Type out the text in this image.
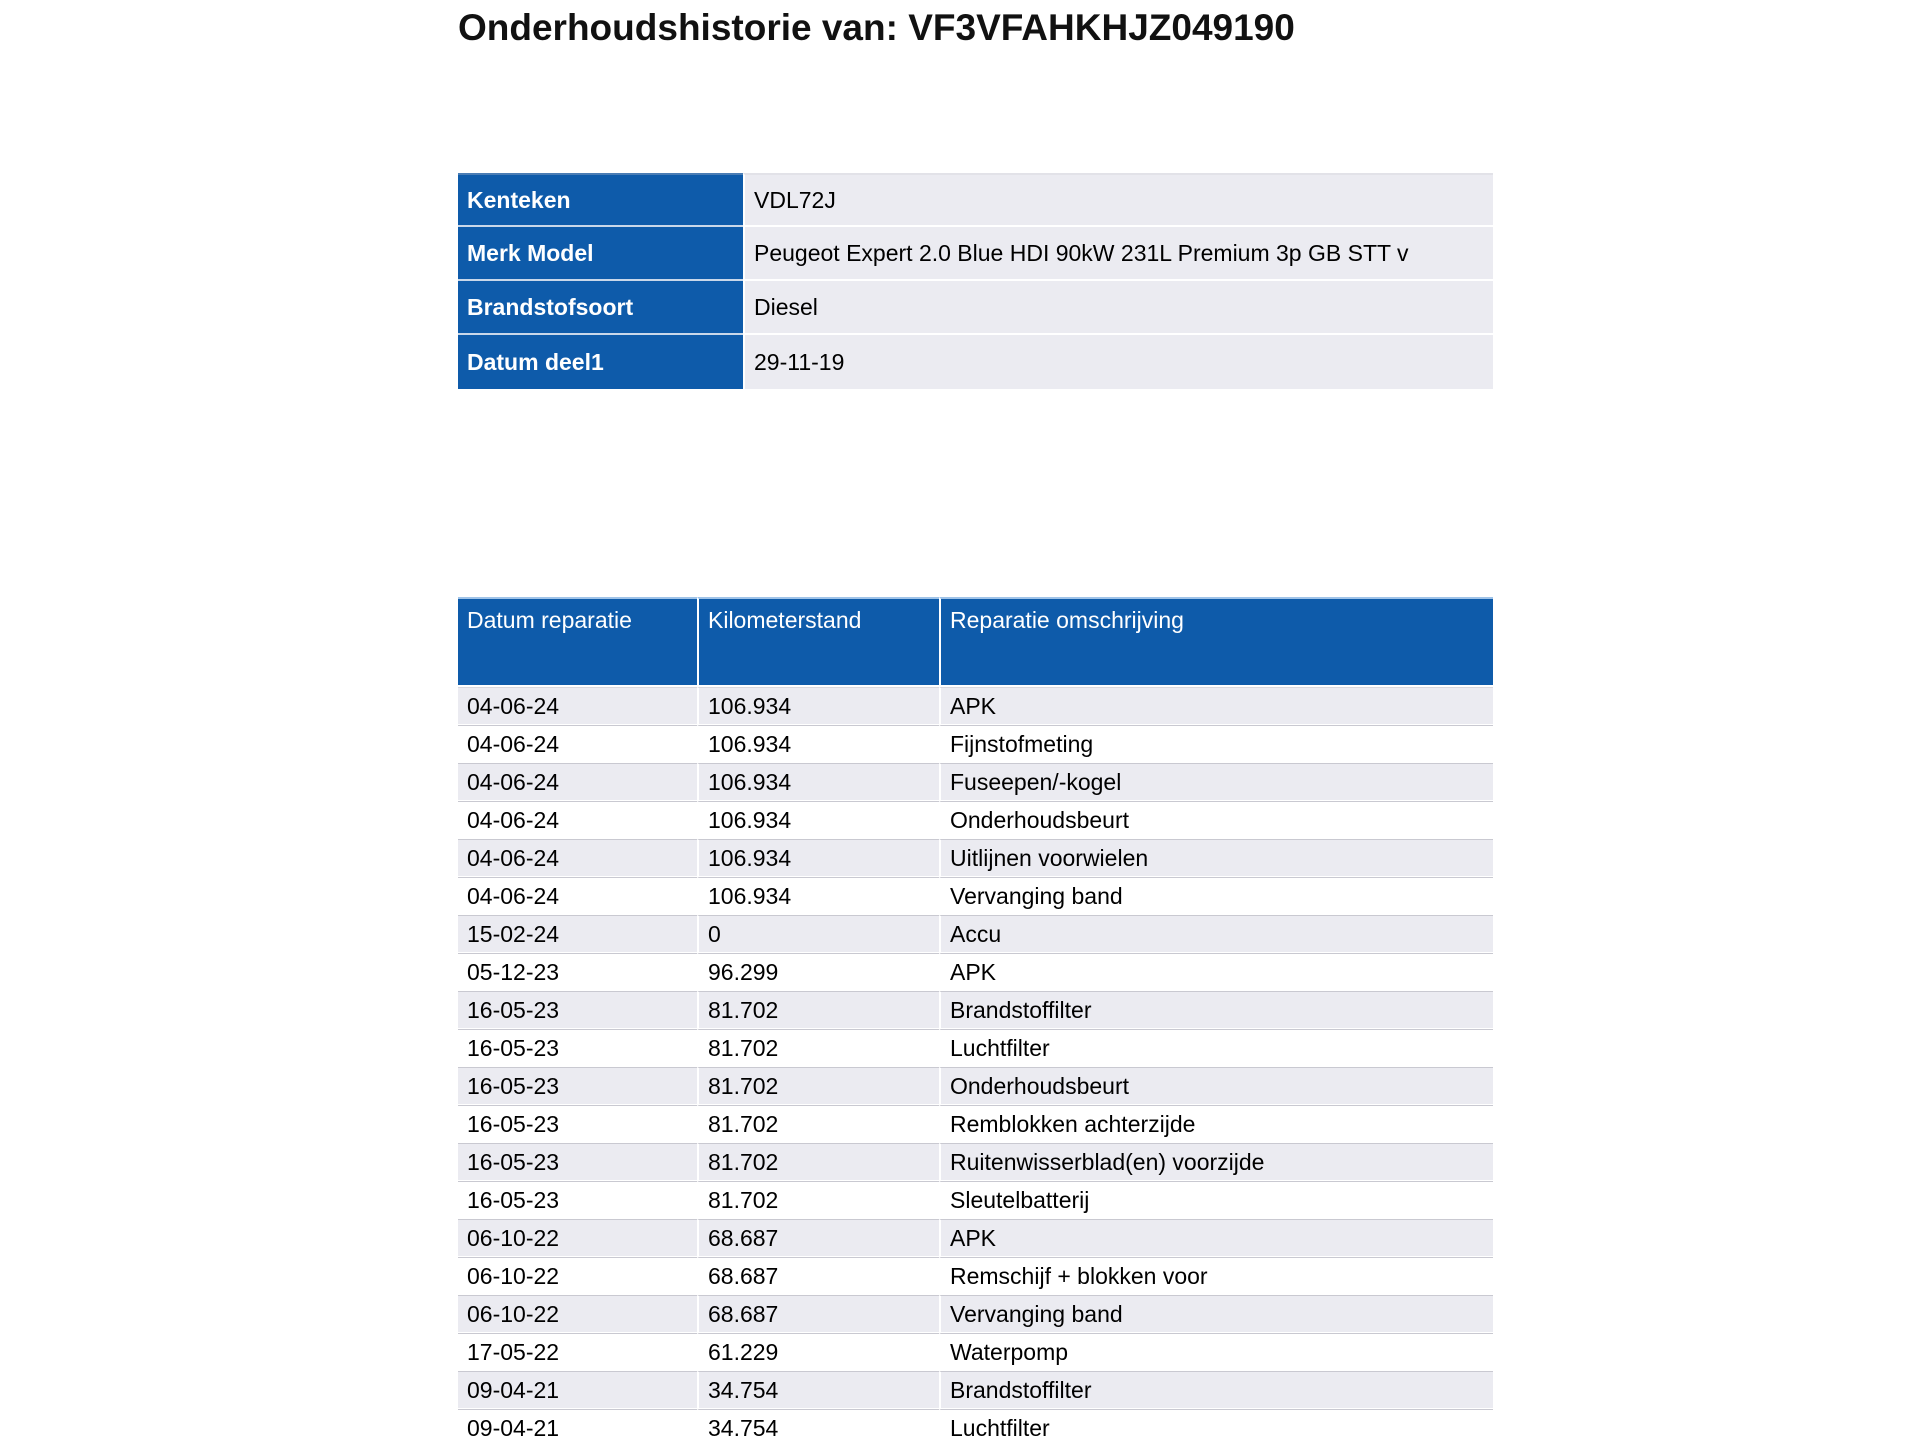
Onderhoudshistorie van: VF3VFAHKHJZ049190
Kenteken	VDL72J
Merk Model	Peugeot Expert 2.0 Blue HDI 90kW 231L Premium 3p GB STT v
Brandstofsoort	Diesel
Datum deel1	29-11-19
Datum reparatie	Kilometerstand	Reparatie omschrijving
04-06-24	106.934	APK
04-06-24	106.934	Fijnstofmeting
04-06-24	106.934	Fuseepen/-kogel
04-06-24	106.934	Onderhoudsbeurt
04-06-24	106.934	Uitlijnen voorwielen
04-06-24	106.934	Vervanging band
15-02-24	0	Accu
05-12-23	96.299	APK
16-05-23	81.702	Brandstoffilter
16-05-23	81.702	Luchtfilter
16-05-23	81.702	Onderhoudsbeurt
16-05-23	81.702	Remblokken achterzijde
16-05-23	81.702	Ruitenwisserblad(en) voorzijde
16-05-23	81.702	Sleutelbatterij
06-10-22	68.687	APK
06-10-22	68.687	Remschijf + blokken voor
06-10-22	68.687	Vervanging band
17-05-22	61.229	Waterpomp
09-04-21	34.754	Brandstoffilter
09-04-21	34.754	Luchtfilter
